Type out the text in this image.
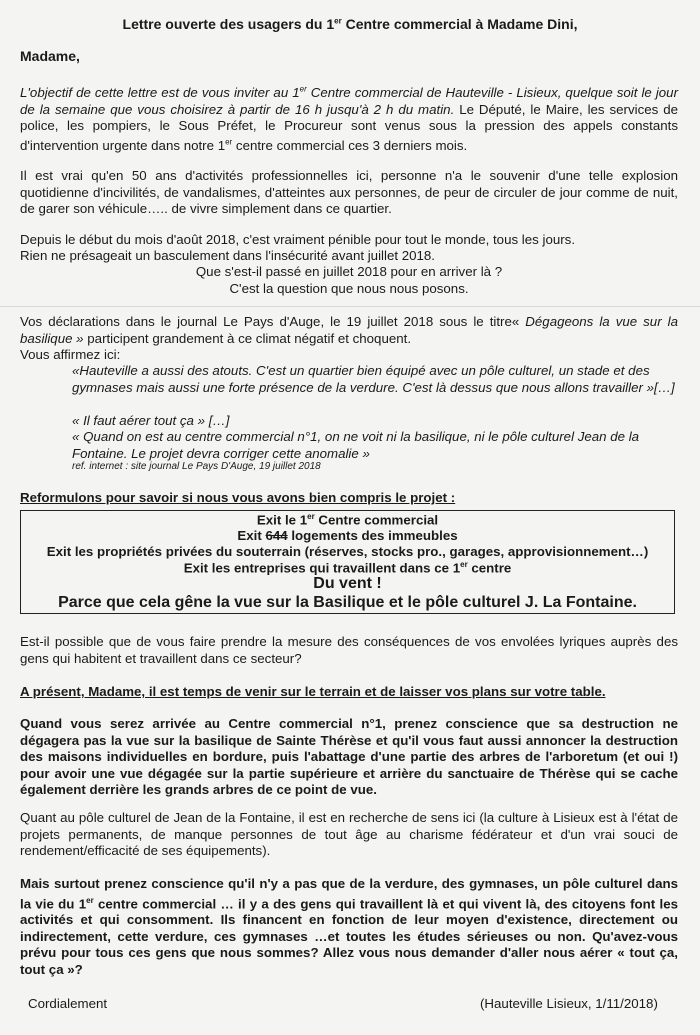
Lettre ouverte des usagers du 1er Centre commercial à Madame Dini,
Madame,
L'objectif de cette lettre est de vous inviter au 1er Centre commercial de Hauteville - Lisieux, quelque soit le jour de la semaine que vous choisirez à partir de 16 h jusqu'à 2 h du matin. Le Député, le Maire, les services de police, les pompiers, le Sous Préfet, le Procureur sont venus sous la pression des appels constants d'intervention urgente dans notre 1er centre commercial ces 3 derniers mois.
Il est vrai qu'en 50 ans d'activités professionnelles ici, personne n'a le souvenir d'une telle explosion quotidienne d'incivilités, de vandalismes, d'atteintes aux personnes, de peur de circuler de jour comme de nuit, de garer son véhicule….. de vivre simplement dans ce quartier.
Depuis le début du mois d'août 2018, c'est vraiment pénible pour tout le monde, tous les jours.
Rien ne présageait un basculement dans l'insécurité avant juillet 2018.
Que s'est-il passé en juillet 2018 pour en arriver là ?
C'est la question que nous nous posons.
Vos déclarations dans le journal Le Pays d'Auge, le 19 juillet 2018 sous le titre« Dégageons la vue sur la basilique » participent grandement à ce climat négatif et choquent.
Vous affirmez ici:
«Hauteville a aussi des atouts. C'est un quartier bien équipé avec un pôle culturel, un stade et des gymnases mais aussi une forte présence de la verdure. C'est là dessus que nous allons travailler »[…]
« Il faut aérer tout ça » […]
« Quand on est au centre commercial n°1, on ne voit ni la basilique, ni le pôle culturel Jean de la Fontaine. Le projet devra corriger cette anomalie »
ref. internet : site journal Le Pays D'Auge, 19 juillet 2018
Reformulons pour savoir si nous vous avons bien compris le projet :
Exit le 1er Centre commercial
Exit 644 logements des immeubles
Exit les propriétés privées du souterrain (réserves, stocks pro., garages, approvisionnement…)
Exit les entreprises qui travaillent dans ce 1er centre
Du vent !
Parce que cela gêne la vue sur la Basilique et le pôle culturel J. La Fontaine.
Est-il possible que de vous faire prendre la mesure des conséquences de vos envolées lyriques auprès des gens qui habitent et travaillent dans ce secteur?
A présent, Madame, il est temps de venir sur le terrain et de laisser vos plans sur votre table.
Quand vous serez arrivée au Centre commercial n°1, prenez conscience que sa destruction ne dégagera pas la vue sur la basilique de Sainte Thérèse et qu'il vous faut aussi annoncer la destruction des maisons individuelles en bordure, puis l'abattage d'une partie des arbres de l'arboretum (et oui !) pour avoir une vue dégagée sur la partie supérieure et arrière du sanctuaire de Thérèse qui se cache également derrière les grands arbres de ce point de vue.
Quant au pôle culturel de Jean de la Fontaine, il est en recherche de sens ici (la culture à Lisieux est à l'état de projets permanents, de manque personnes de tout âge au charisme fédérateur et d'un vrai souci de rendement/efficacité de ses équipements).
Mais surtout prenez conscience qu'il n'y a pas que de la verdure, des gymnases, un pôle culturel dans la vie du 1er centre commercial … il y a des gens qui travaillent là et qui vivent là, des citoyens font les activités et qui consomment. Ils financent en fonction de leur moyen d'existence, directement ou indirectement, cette verdure, ces gymnases …et toutes les études sérieuses ou non. Qu'avez-vous prévu pour tous ces gens que nous sommes? Allez vous nous demander d'aller nous aérer « tout ça, tout ça »?
Cordialement	(Hauteville Lisieux, 1/11/2018)
